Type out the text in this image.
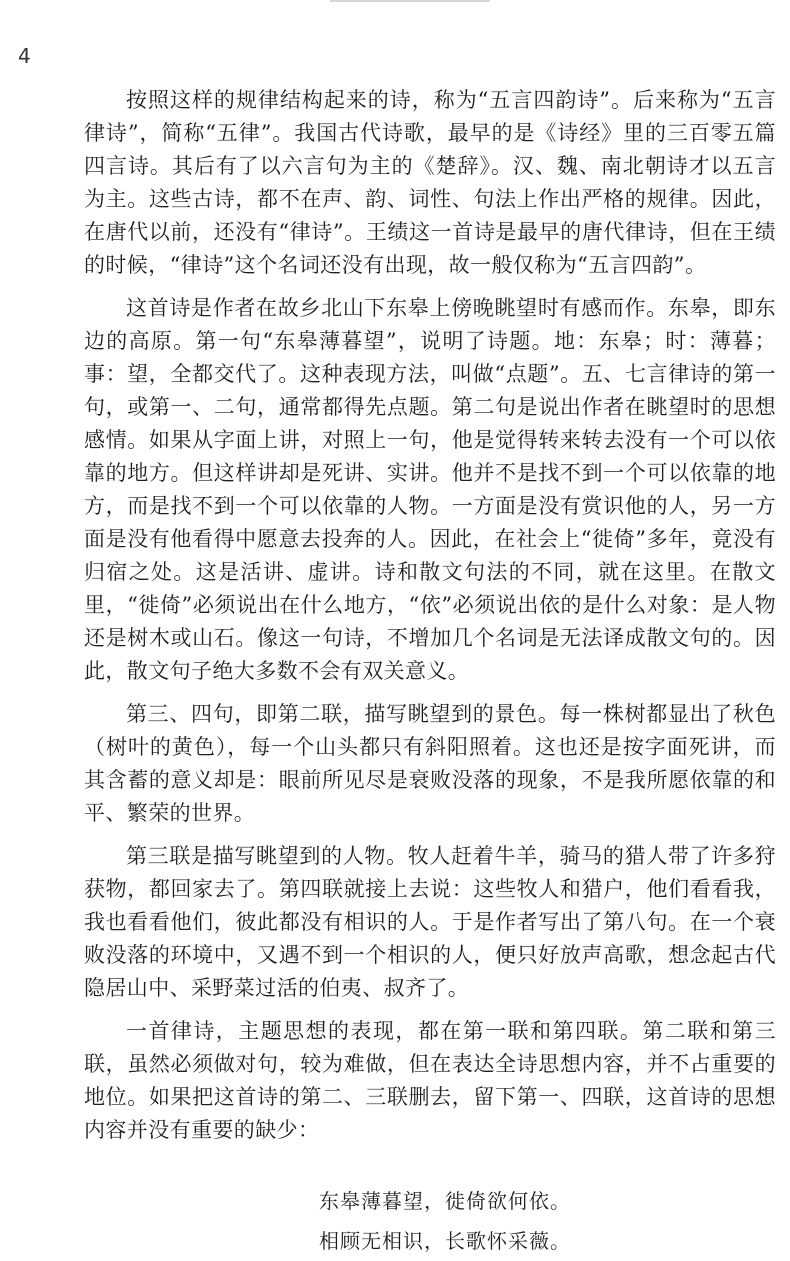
4

按照这样的规律结构起来的诗，称为“五言四韵诗”。后来称为“五言律诗”，简称“五律”。我国古代诗歌，最早的是《诗经》里的三百零五篇四言诗。其后有了以六言句为主的《楚辞》。汉、魏、南北朝诗才以五言为主。这些古诗，都不在声、韵、词性、句法上作出严格的规律。因此，在唐代以前，还没有“律诗”。王绩这一首诗是最早的唐代律诗，但在王绩的时候，“律诗”这个名词还没有出现，故一般仅称为“五言四韵”。

这首诗是作者在故乡北山下东皋上傍晚眺望时有感而作。东皋，即东边的高原。第一句“东皋薄暮望”，说明了诗题。地：东皋；时：薄暮；事：望，全都交代了。这种表现方法，叫做“点题”。五、七言律诗的第一句，或第一、二句，通常都得先点题。第二句是说出作者在眺望时的思想感情。如果从字面上讲，对照上一句，他是觉得转来转去没有一个可以依靠的地方。但这样讲却是死讲、实讲。他并不是找不到一个可以依靠的地方，而是找不到一个可以依靠的人物。一方面是没有赏识他的人，另一方面是没有他看得中愿意去投奔的人。因此，在社会上“徙倚”多年，竟没有归宿之处。这是活讲、虚讲。诗和散文句法的不同，就在这里。在散文里，“徙倚”必须说出在什么地方，“依”必须说出依的是什么对象：是人物还是树木或山石。像这一句诗，不增加几个名词是无法译成散文句的。因此，散文句子绝大多数不会有双关意义。

第三、四句，即第二联，描写眺望到的景色。每一株树都显出了秋色（树叶的黄色），每一个山头都只有斜阳照着。这也还是按字面死讲，而其含蓄的意义却是：眼前所见尽是衰败没落的现象，不是我所愿依靠的和平、繁荣的世界。

第三联是描写眺望到的人物。牧人赶着牛羊，骑马的猎人带了许多狩获物，都回家去了。第四联就接上去说：这些牧人和猎户，他们看看我，我也看看他们，彼此都没有相识的人。于是作者写出了第八句。在一个衰败没落的环境中，又遇不到一个相识的人，便只好放声高歌，想念起古代隐居山中、采野菜过活的伯夷、叔齐了。

一首律诗，主题思想的表现，都在第一联和第四联。第二联和第三联，虽然必须做对句，较为难做，但在表达全诗思想内容，并不占重要的地位。如果把这首诗的第二、三联删去，留下第一、四联，这首诗的思想内容并没有重要的缺少：

东皋薄暮望，徙倚欲何依。
相顾无相识，长歌怀采薇。
